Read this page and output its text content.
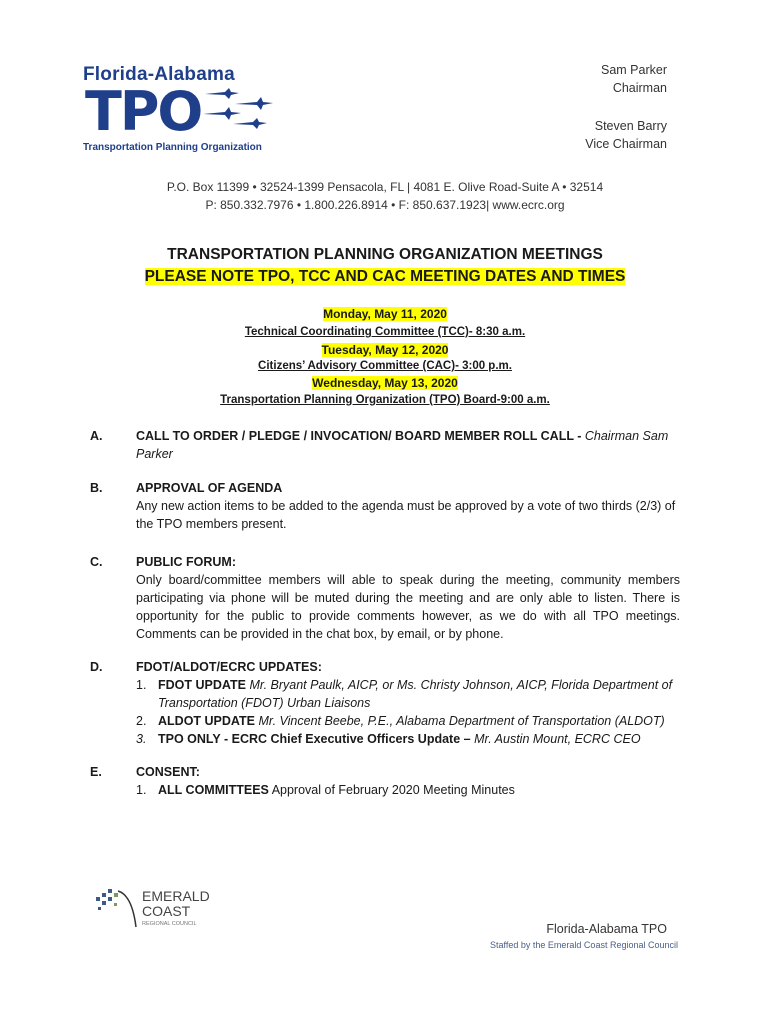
Florida-Alabama
TPO
Transportation Planning Organization
Sam Parker
Chairman
Steven Barry
Vice Chairman
P.O. Box 11399 • 32524-1399 Pensacola, FL | 4081 E. Olive Road-Suite A • 32514
P: 850.332.7976 • 1.800.226.8914 • F: 850.637.1923| www.ecrc.org
TRANSPORTATION PLANNING ORGANIZATION MEETINGS
PLEASE NOTE TPO, TCC AND CAC MEETING DATES AND TIMES
Monday, May 11, 2020
Technical Coordinating Committee (TCC)- 8:30 a.m.
Tuesday, May 12, 2020
Citizens’ Advisory Committee (CAC)- 3:00 p.m.
Wednesday, May 13, 2020
Transportation Planning Organization (TPO) Board-9:00 a.m.
A.	CALL TO ORDER / PLEDGE / INVOCATION/ BOARD MEMBER ROLL CALL - Chairman Sam Parker
B.	APPROVAL OF AGENDA
Any new action items to be added to the agenda must be approved by a vote of two thirds (2/3) of the TPO members present.
C.	PUBLIC FORUM:
Only board/committee members will able to speak during the meeting, community members participating via phone will be muted during the meeting and are only able to listen. There is opportunity for the public to provide comments however, as we do with all TPO meetings. Comments can be provided in the chat box, by email, or by phone.
D.	FDOT/ALDOT/ECRC UPDATES:
1. FDOT UPDATE Mr. Bryant Paulk, AICP, or Ms. Christy Johnson, AICP, Florida Department of Transportation (FDOT) Urban Liaisons
2. ALDOT UPDATE Mr. Vincent Beebe, P.E., Alabama Department of Transportation (ALDOT)
3. TPO ONLY - ECRC Chief Executive Officers Update – Mr. Austin Mount, ECRC CEO
E.	CONSENT:
1. ALL COMMITTEES Approval of February 2020 Meeting Minutes
EMERALD
COAST
REGIONAL COUNCIL	Florida-Alabama TPO
Staffed by the Emerald Coast Regional Council
